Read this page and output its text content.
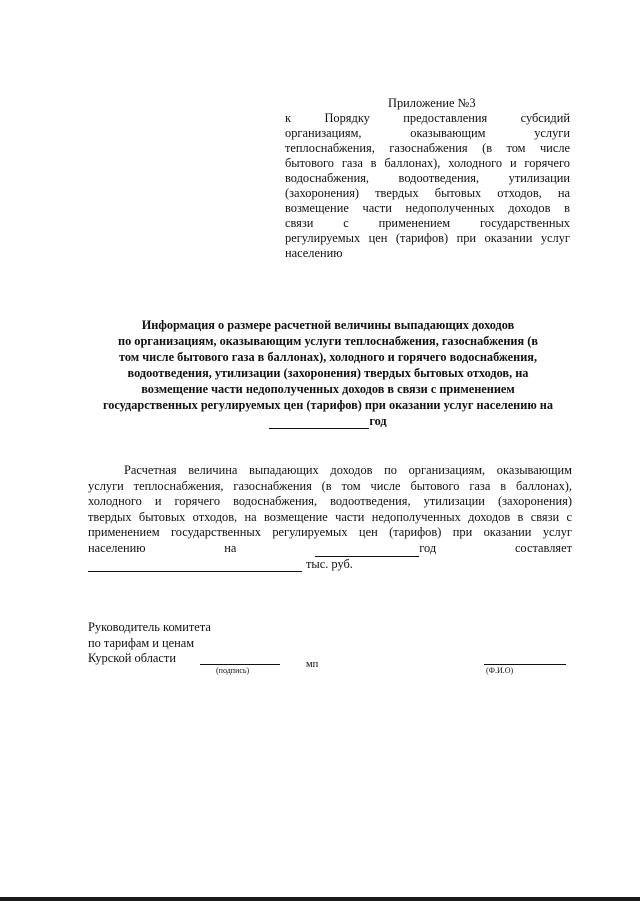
Приложение №3
к Порядку предоставления субсидий
организациям, оказывающим услуги
теплоснабжения, газоснабжения (в том числе
бытового газа в баллонах), холодного и горячего
водоснабжения, водоотведения, утилизации
(захоронения) твердых бытовых отходов, на
возмещение части недополученных доходов в
связи с применением государственных
регулируемых цен (тарифов) при оказании услуг
населению
Информация о размере расчетной величины выпадающих доходов
по организациям, оказывающим услуги теплоснабжения, газоснабжения (в
том числе бытового газа в баллонах), холодного и горячего водоснабжения,
водоотведения, утилизации (захоронения) твердых бытовых отходов, на
возмещение части недополученных доходов в связи с применением
государственных регулируемых цен (тарифов) при оказании услуг населению на
год
Расчетная величина выпадающих доходов по организациям, оказывающим
услуги теплоснабжения, газоснабжения (в том числе бытового газа в баллонах),
холодного и горячего водоснабжения, водоотведения, утилизации (захоронения)
твердых бытовых отходов, на возмещение части недополученных доходов в связи с
применением государственных регулируемых цен (тарифов) при оказании услуг
населению	на	год	составляет
тыс. руб.
Руководитель комитета
по тарифам и ценам
Курской области
(подпись)
мп
(Ф.И.О)
